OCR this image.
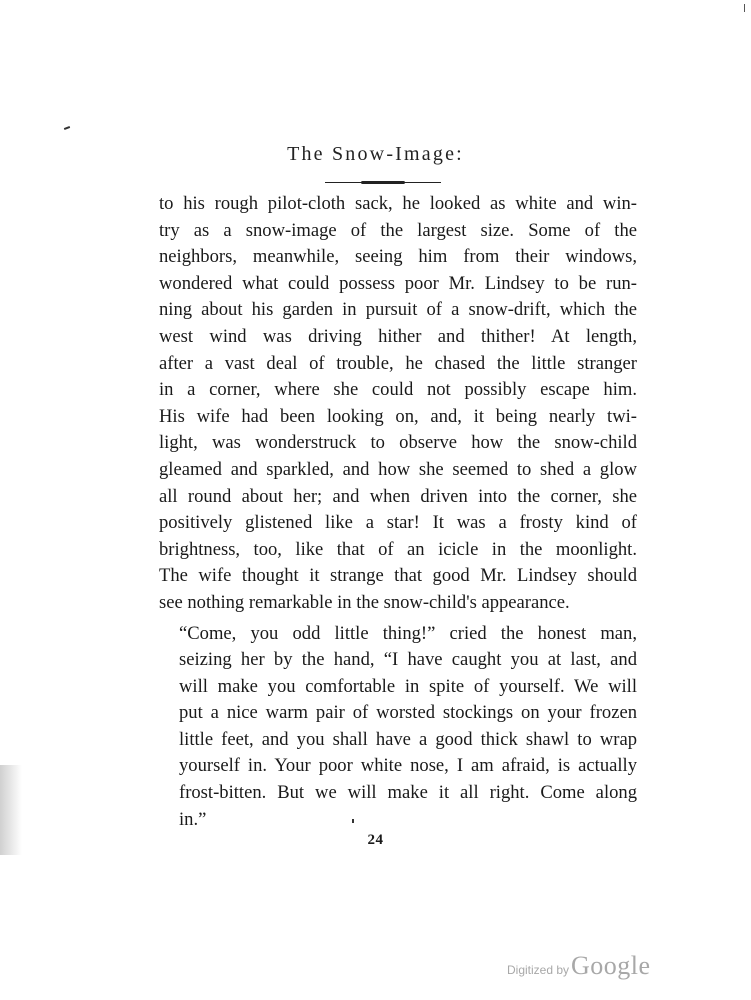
The Snow-Image:

to his rough pilot-cloth sack, he looked as white and win-
try as a snow-image of the largest size. Some of the
neighbors, meanwhile, seeing him from their windows,
wondered what could possess poor Mr. Lindsey to be run-
ning about his garden in pursuit of a snow-drift, which the
west wind was driving hither and thither! At length,
after a vast deal of trouble, he chased the little stranger
in a corner, where she could not possibly escape him.
His wife had been looking on, and, it being nearly twi-
light, was wonderstruck to observe how the snow-child
gleamed and sparkled, and how she seemed to shed a glow
all round about her; and when driven into the corner, she
positively glistened like a star! It was a frosty kind of
brightness, too, like that of an icicle in the moonlight.
The wife thought it strange that good Mr. Lindsey should
see nothing remarkable in the snow-child's appearance.

“Come, you odd little thing!” cried the honest man,
seizing her by the hand, “I have caught you at last, and
will make you comfortable in spite of yourself. We will
put a nice warm pair of worsted stockings on your frozen
little feet, and you shall have a good thick shawl to wrap
yourself in. Your poor white nose, I am afraid, is actually
frost-bitten. But we will make it all right. Come along
in.”

24
Digitized by Google
